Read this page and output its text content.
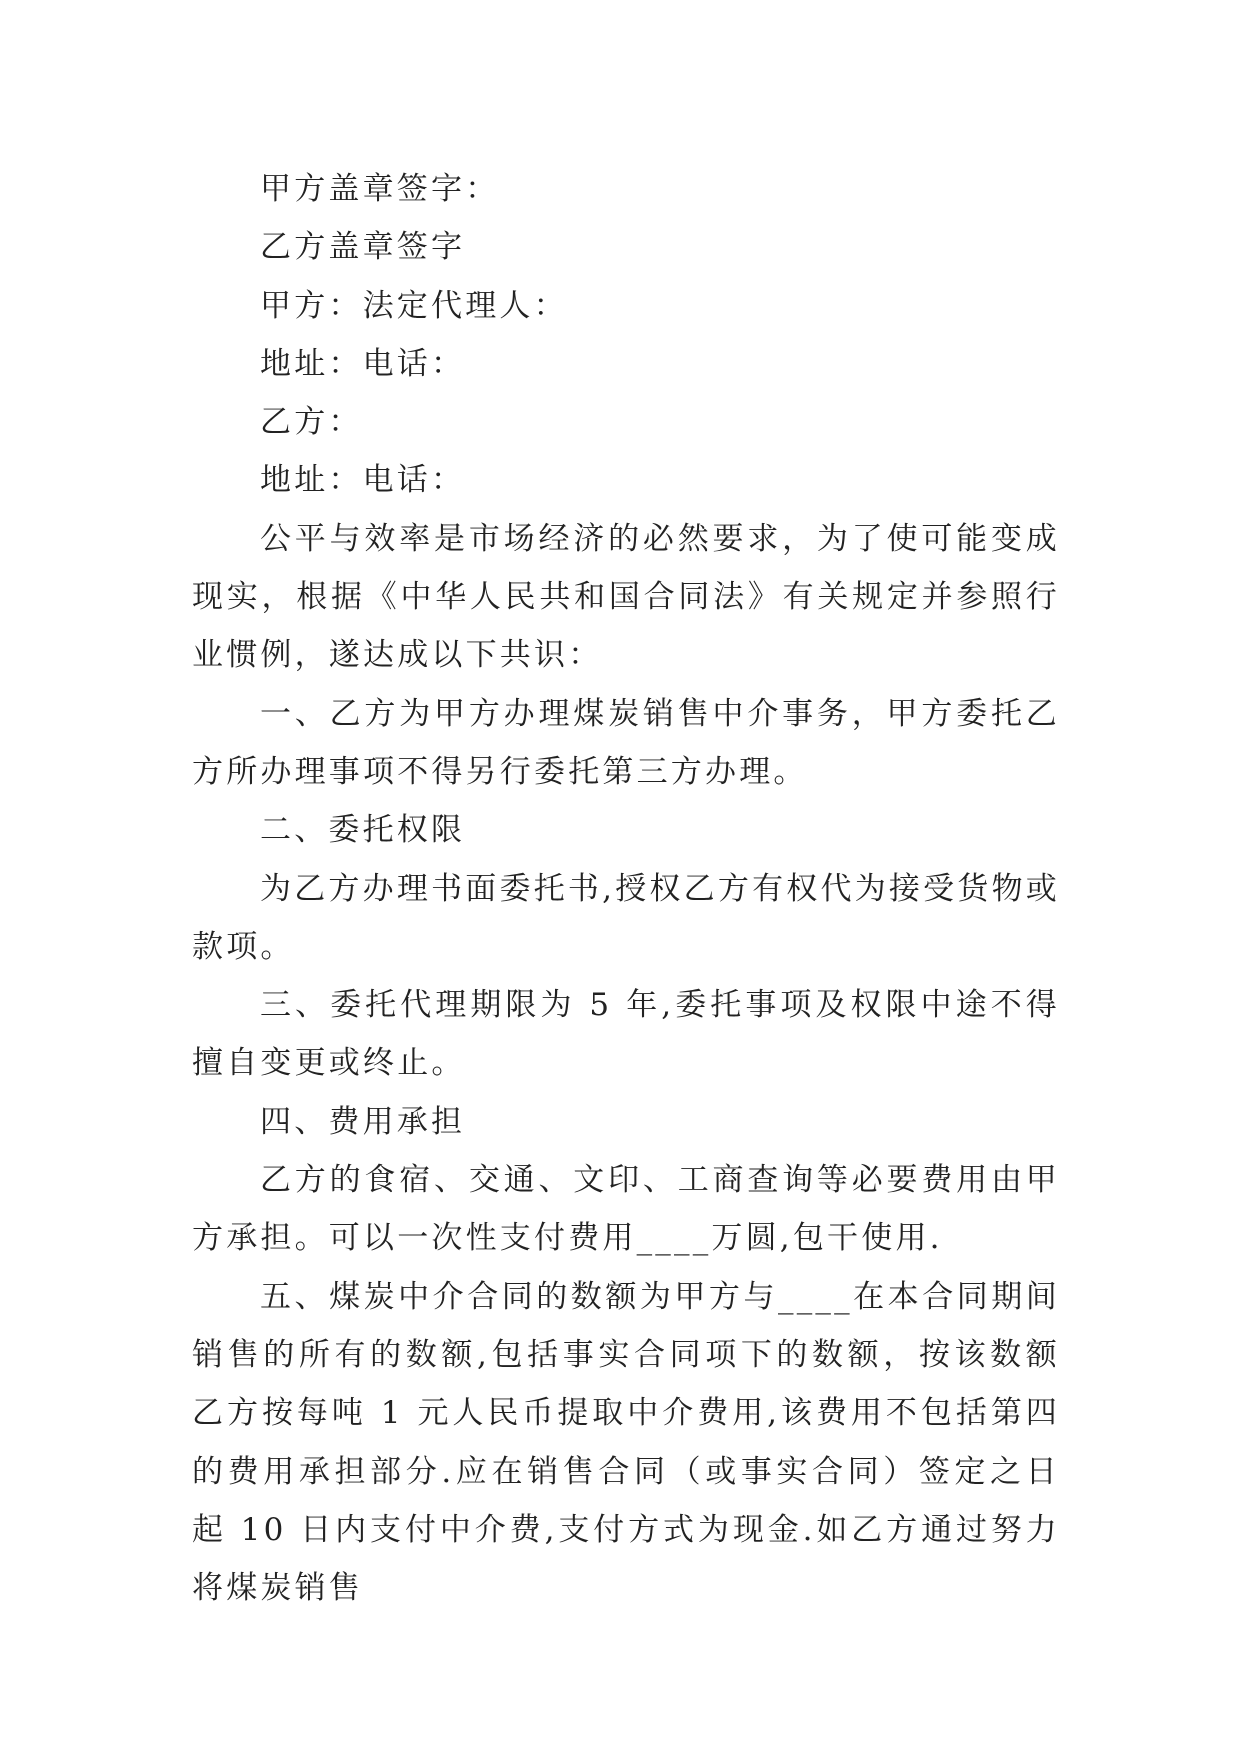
甲方盖章签字：

乙方盖章签字

甲方：法定代理人：

地址：电话：

乙方：

地址：电话：

公平与效率是市场经济的必然要求，为了使可能变成现实，根据《中华人民共和国合同法》有关规定并参照行业惯例，遂达成以下共识：

一、乙方为甲方办理煤炭销售中介事务，甲方委托乙方所办理事项不得另行委托第三方办理。

二、委托权限

为乙方办理书面委托书,授权乙方有权代为接受货物或款项。

三、委托代理期限为 5 年,委托事项及权限中途不得擅自变更或终止。

四、费用承担

乙方的食宿、交通、文印、工商查询等必要费用由甲方承担。可以一次性支付费用____万圆,包干使用.

五、煤炭中介合同的数额为甲方与____在本合同期间销售的所有的数额,包括事实合同项下的数额，按该数额乙方按每吨 1 元人民币提取中介费用,该费用不包括第四的费用承担部分.应在销售合同（或事实合同）签定之日起 10 日内支付中介费,支付方式为现金.如乙方通过努力将煤炭销售
